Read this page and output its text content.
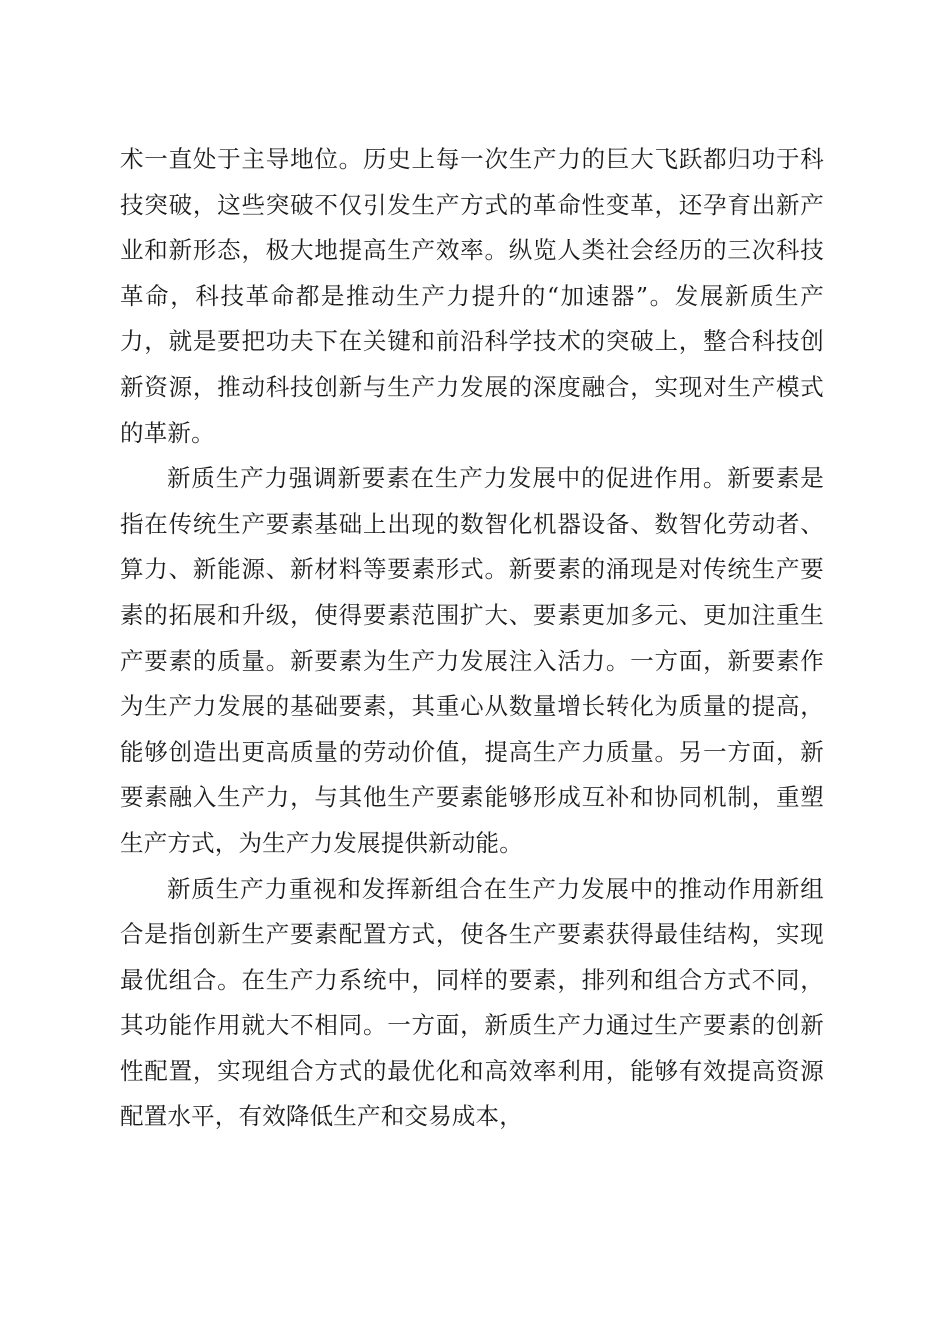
术一直处于主导地位。历史上每一次生产力的巨大飞跃都归功于科技突破，这些突破不仅引发生产方式的革命性变革，还孕育出新产业和新形态，极大地提高生产效率。纵览人类社会经历的三次科技革命，科技革命都是推动生产力提升的“加速器”。发展新质生产力，就是要把功夫下在关键和前沿科学技术的突破上，整合科技创新资源，推动科技创新与生产力发展的深度融合，实现对生产模式的革新。

新质生产力强调新要素在生产力发展中的促进作用。新要素是指在传统生产要素基础上出现的数智化机器设备、数智化劳动者、算力、新能源、新材料等要素形式。新要素的涌现是对传统生产要素的拓展和升级，使得要素范围扩大、要素更加多元、更加注重生产要素的质量。新要素为生产力发展注入活力。一方面，新要素作为生产力发展的基础要素，其重心从数量增长转化为质量的提高，能够创造出更高质量的劳动价值，提高生产力质量。另一方面，新要素融入生产力，与其他生产要素能够形成互补和协同机制，重塑生产方式，为生产力发展提供新动能。

新质生产力重视和发挥新组合在生产力发展中的推动作用新组合是指创新生产要素配置方式，使各生产要素获得最佳结构，实现最优组合。在生产力系统中，同样的要素，排列和组合方式不同，其功能作用就大不相同。一方面，新质生产力通过生产要素的创新性配置，实现组合方式的最优化和高效率利用，能够有效提高资源配置水平，有效降低生产和交易成本，
